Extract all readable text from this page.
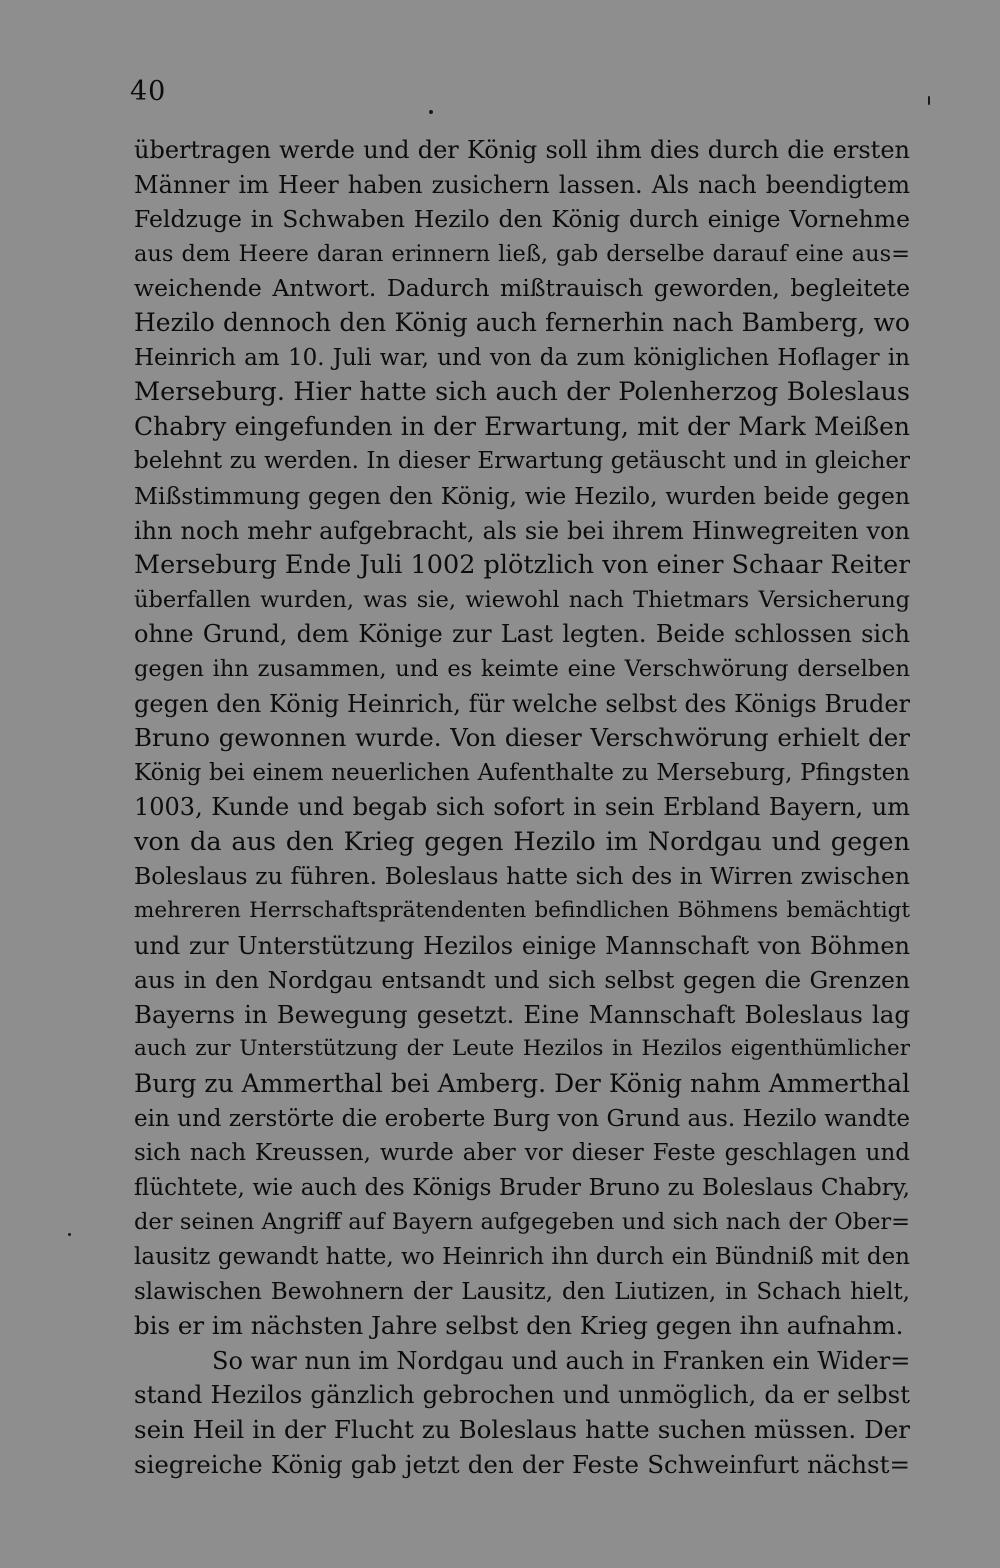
40
übertragen werde und der König soll ihm dies durch die ersten
Männer im Heer haben zusichern lassen. Als nach beendigtem
Feldzuge in Schwaben Hezilo den König durch einige Vornehme
aus dem Heere daran erinnern ließ, gab derselbe darauf eine aus=
weichende Antwort. Dadurch mißtrauisch geworden, begleitete
Hezilo dennoch den König auch fernerhin nach Bamberg, wo
Heinrich am 10. Juli war, und von da zum königlichen Hoflager in
Merseburg. Hier hatte sich auch der Polenherzog Boleslaus
Chabry eingefunden in der Erwartung, mit der Mark Meißen
belehnt zu werden. In dieser Erwartung getäuscht und in gleicher
Mißstimmung gegen den König, wie Hezilo, wurden beide gegen
ihn noch mehr aufgebracht, als sie bei ihrem Hinwegreiten von
Merseburg Ende Juli 1002 plötzlich von einer Schaar Reiter
überfallen wurden, was sie, wiewohl nach Thietmars Versicherung
ohne Grund, dem Könige zur Last legten. Beide schlossen sich
gegen ihn zusammen, und es keimte eine Verschwörung derselben
gegen den König Heinrich, für welche selbst des Königs Bruder
Bruno gewonnen wurde. Von dieser Verschwörung erhielt der
König bei einem neuerlichen Aufenthalte zu Merseburg, Pfingsten
1003, Kunde und begab sich sofort in sein Erbland Bayern, um
von da aus den Krieg gegen Hezilo im Nordgau und gegen
Boleslaus zu führen. Boleslaus hatte sich des in Wirren zwischen
mehreren Herrschaftsprätendenten befindlichen Böhmens bemächtigt
und zur Unterstützung Hezilos einige Mannschaft von Böhmen
aus in den Nordgau entsandt und sich selbst gegen die Grenzen
Bayerns in Bewegung gesetzt. Eine Mannschaft Boleslaus lag
auch zur Unterstützung der Leute Hezilos in Hezilos eigenthümlicher
Burg zu Ammerthal bei Amberg. Der König nahm Ammerthal
ein und zerstörte die eroberte Burg von Grund aus. Hezilo wandte
sich nach Kreussen, wurde aber vor dieser Feste geschlagen und
flüchtete, wie auch des Königs Bruder Bruno zu Boleslaus Chabry,
der seinen Angriff auf Bayern aufgegeben und sich nach der Ober=
lausitz gewandt hatte, wo Heinrich ihn durch ein Bündniß mit den
slawischen Bewohnern der Lausitz, den Liutizen, in Schach hielt,
bis er im nächsten Jahre selbst den Krieg gegen ihn aufnahm.
So war nun im Nordgau und auch in Franken ein Wider=
stand Hezilos gänzlich gebrochen und unmöglich, da er selbst
sein Heil in der Flucht zu Boleslaus hatte suchen müssen. Der
siegreiche König gab jetzt den der Feste Schweinfurt nächst=
